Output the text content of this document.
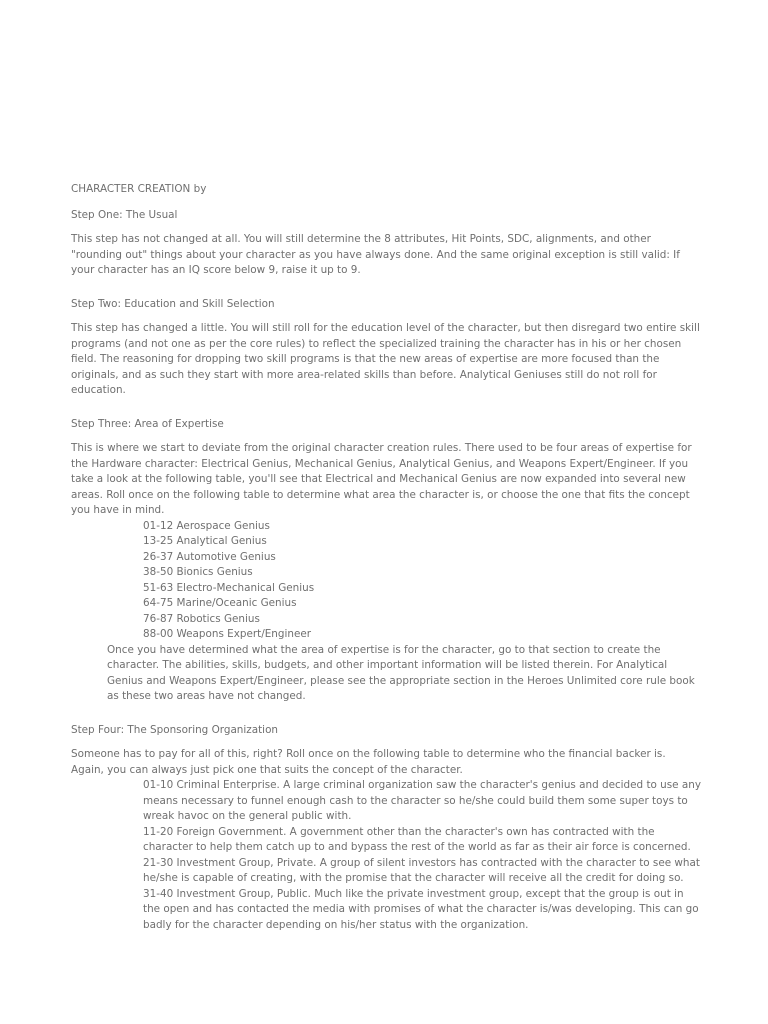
CHARACTER CREATION by

Step One: The Usual

This step has not changed at all. You will still determine the 8 attributes, Hit Points, SDC, alignments, and other "rounding out" things about your character as you have always done. And the same original exception is still valid: If your character has an IQ score below 9, raise it up to 9.

Step Two: Education and Skill Selection

This step has changed a little. You will still roll for the education level of the character, but then disregard two entire skill programs (and not one as per the core rules) to reflect the specialized training the character has in his or her chosen field. The reasoning for dropping two skill programs is that the new areas of expertise are more focused than the originals, and as such they start with more area-related skills than before. Analytical Geniuses still do not roll for education.

Step Three: Area of Expertise

This is where we start to deviate from the original character creation rules. There used to be four areas of expertise for the Hardware character: Electrical Genius, Mechanical Genius, Analytical Genius, and Weapons Expert/Engineer. If you take a look at the following table, you'll see that Electrical and Mechanical Genius are now expanded into several new areas. Roll once on the following table to determine what area the character is, or choose the one that fits the concept you have in mind.

01-12 Aerospace Genius
13-25 Analytical Genius
26-37 Automotive Genius
38-50 Bionics Genius
51-63 Electro-Mechanical Genius
64-75 Marine/Oceanic Genius
76-87 Robotics Genius
88-00 Weapons Expert/Engineer

Once you have determined what the area of expertise is for the character, go to that section to create the character. The abilities, skills, budgets, and other important information will be listed therein. For Analytical Genius and Weapons Expert/Engineer, please see the appropriate section in the Heroes Unlimited core rule book as these two areas have not changed.

Step Four: The Sponsoring Organization

Someone has to pay for all of this, right? Roll once on the following table to determine who the financial backer is. Again, you can always just pick one that suits the concept of the character.

01-10 Criminal Enterprise. A large criminal organization saw the character's genius and decided to use any means necessary to funnel enough cash to the character so he/she could build them some super toys to wreak havoc on the general public with.
11-20 Foreign Government. A government other than the character's own has contracted with the character to help them catch up to and bypass the rest of the world as far as their air force is concerned.
21-30 Investment Group, Private. A group of silent investors has contracted with the character to see what he/she is capable of creating, with the promise that the character will receive all the credit for doing so.
31-40 Investment Group, Public. Much like the private investment group, except that the group is out in the open and has contacted the media with promises of what the character is/was developing. This can go badly for the character depending on his/her status with the organization.
